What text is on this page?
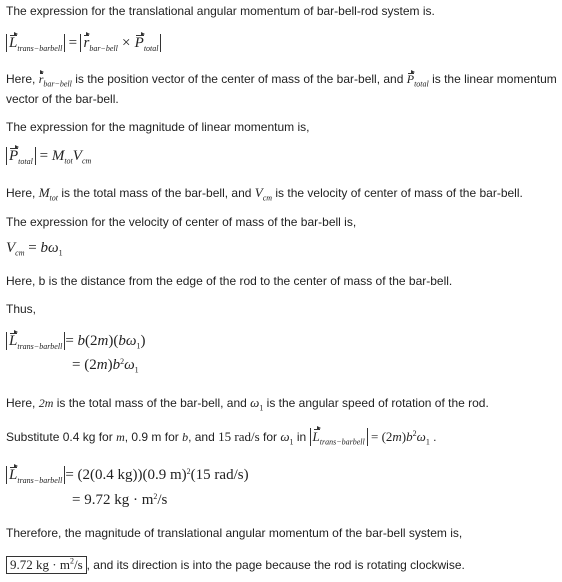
The expression for the translational angular momentum of bar-bell-rod system is.
$L_{trans-barbell} = r_{bar-bell} \times P_{total}$
Here, $r_{bar-bell}$ is the position vector of the center of mass of the bar-bell, and $P_{total}$ is the linear momentum
vector of the bar-bell.
The expression for the magnitude of linear momentum is,
$P_{total} = M_{tot}V_{cm}$
Here, $M_{tot}$ is the total mass of the bar-bell, and $V_{cm}$ is the velocity of center of mass of the bar-bell.
The expression for the velocity of center of mass of the bar-bell is,
$V_{cm} = b\omega_1$
Here, b is the distance from the edge of the rod to the center of mass of the bar-bell.
Thus,
$L_{trans-barbell} = b(2m)(b\omega_1)$
= $(2m)b^2\omega_1$
Here, 2m is the total mass of the bar-bell, and $\omega_1$ is the angular speed of rotation of the rod.
Substitute 0.4 kg for m, 0.9 m for b, and 15 rad/s for $\omega_1$ in $L_{trans-barbell} = (2m)b^2\omega_1$ .
$L_{trans-barbell} = (2(0.4$ kg))(0.9 m)$^2$(15 rad/s)
= 9.72 kg · $m^2/s$
Therefore, the magnitude of translational angular momentum of the bar-bell system is,
9.72 kg · $m^2/s$ , and its direction is into the page because the rod is rotating clockwise.
